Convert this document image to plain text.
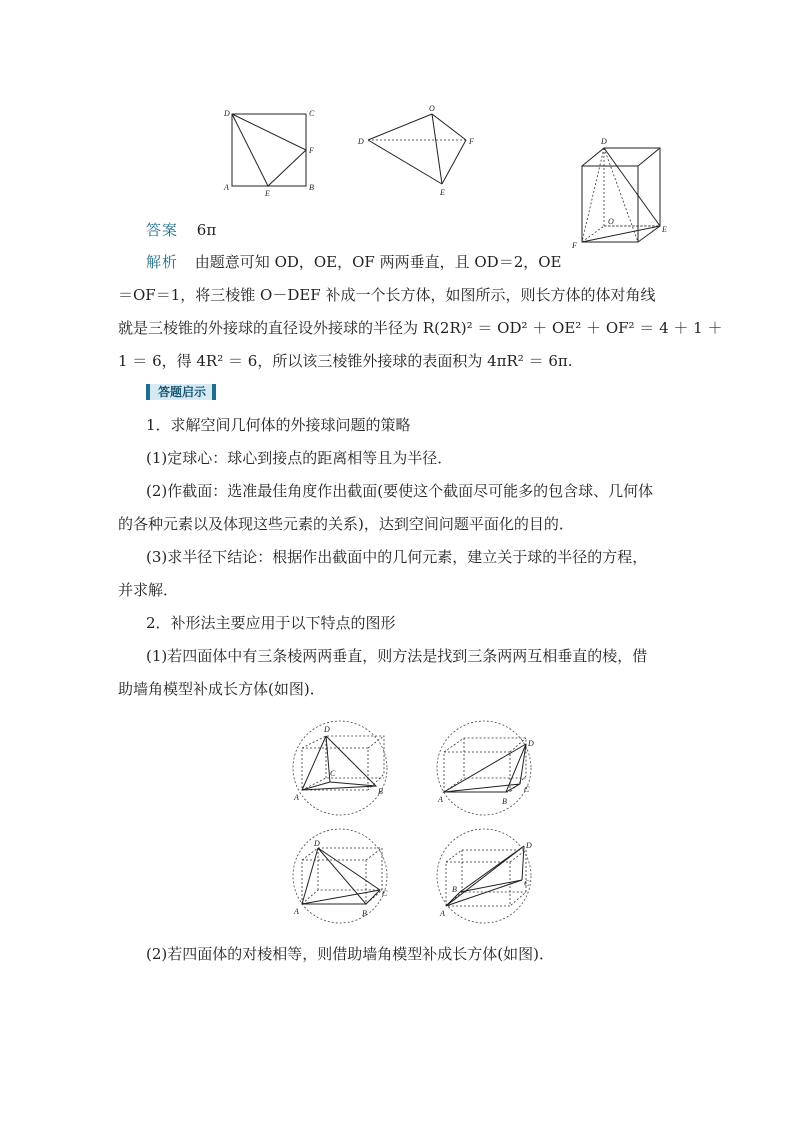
D	C
F
A
E
B
O
D	F
E
D
O
F
E
答案 6π
解析 由题意可知 OD，OE，OF 两两垂直，且 OD＝2，OE
＝OF＝1，将三棱锥 O－DEF 补成一个长方体，如图所示，则长方体的体对角线
就是三棱锥的外接球的直径设外接球的半径为 R(2R)² ＝ OD² ＋ OE² ＋ OF² ＝ 4 ＋ 1 ＋
1 ＝ 6，得 4R² ＝ 6，所以该三棱锥外接球的表面积为 4πR² ＝ 6π.
答题启示
1．求解空间几何体的外接球问题的策略
(1)定球心：球心到接点的距离相等且为半径．
(2)作截面：选准最佳角度作出截面(要使这个截面尽可能多的包含球、几何体
的各种元素以及体现这些元素的关系)，达到空间问题平面化的目的．
(3)求半径下结论：根据作出截面中的几何元素，建立关于球的半径的方程，
并求解．
2．补形法主要应用于以下特点的图形
(1)若四面体中有三条棱两两垂直，则方法是找到三条两两互相垂直的棱，借
助墙角模型补成长方体(如图)．
D
C
A
B
D
A	B
C
D
A	B
C
D
C
B
A
(2)若四面体的对棱相等，则借助墙角模型补成长方体(如图)．
